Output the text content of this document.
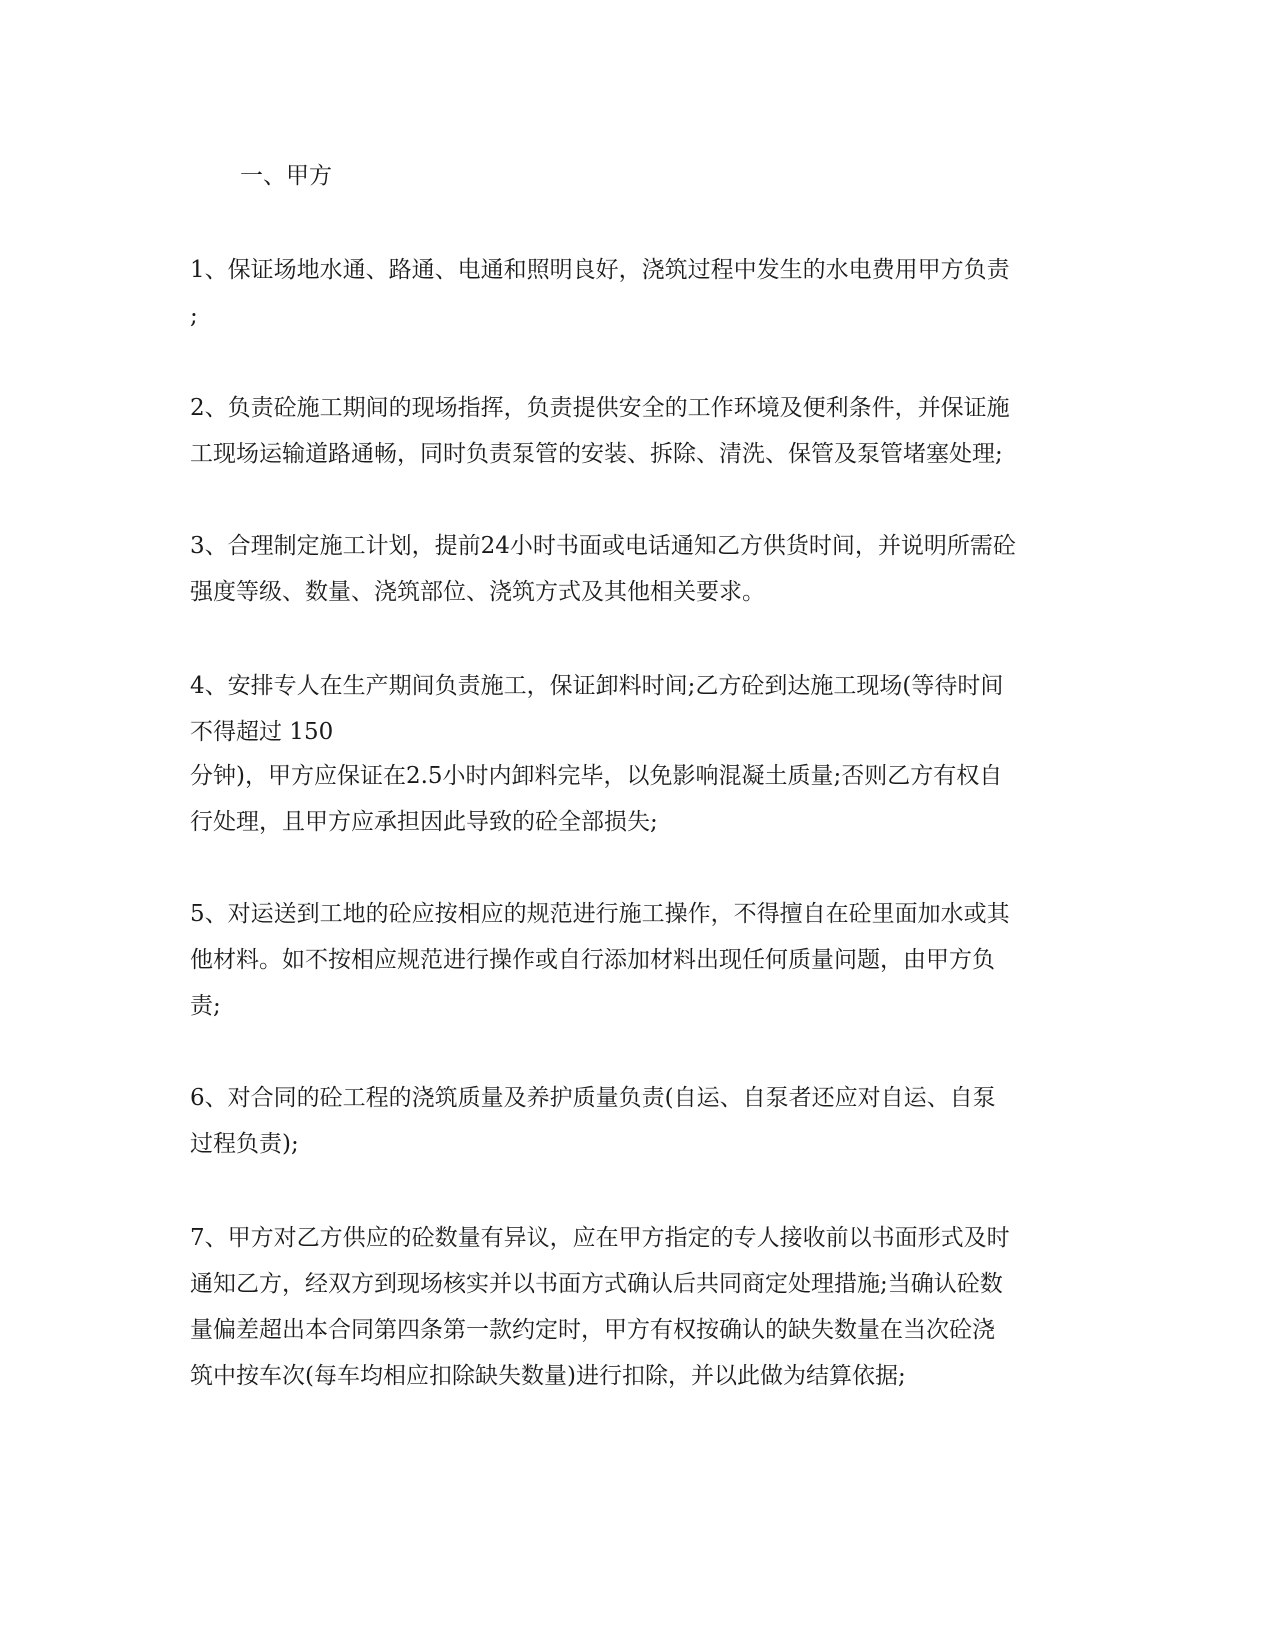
一、甲方
1、保证场地水通、路通、电通和照明良好，浇筑过程中发生的水电费用甲方负责
;
2、负责砼施工期间的现场指挥，负责提供安全的工作环境及便利条件，并保证施
工现场运输道路通畅，同时负责泵管的安装、拆除、清洗、保管及泵管堵塞处理;
3、合理制定施工计划，提前24小时书面或电话通知乙方供货时间，并说明所需砼
强度等级、数量、浇筑部位、浇筑方式及其他相关要求。
4、安排专人在生产期间负责施工，保证卸料时间;乙方砼到达施工现场(等待时间
不得超过 150
分钟)，甲方应保证在2.5小时内卸料完毕，以免影响混凝土质量;否则乙方有权自
行处理，且甲方应承担因此导致的砼全部损失;
5、对运送到工地的砼应按相应的规范进行施工操作，不得擅自在砼里面加水或其
他材料。如不按相应规范进行操作或自行添加材料出现任何质量问题，由甲方负
责;
6、对合同的砼工程的浇筑质量及养护质量负责(自运、自泵者还应对自运、自泵
过程负责);
7、甲方对乙方供应的砼数量有异议，应在甲方指定的专人接收前以书面形式及时
通知乙方，经双方到现场核实并以书面方式确认后共同商定处理措施;当确认砼数
量偏差超出本合同第四条第一款约定时，甲方有权按确认的缺失数量在当次砼浇
筑中按车次(每车均相应扣除缺失数量)进行扣除，并以此做为结算依据;
